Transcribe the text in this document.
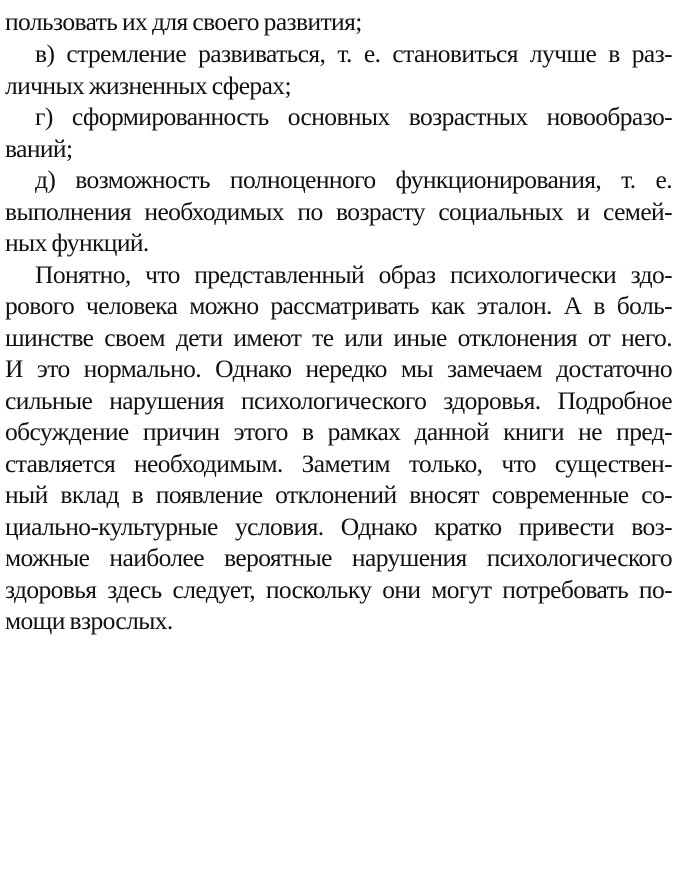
пользовать их для своего развития;
в) стремление развиваться, т. е. становиться лучше в раз-
личных жизненных сферах;
г) сформированность основных возрастных новообразо-
ваний;
д) возможность полноценного функционирования, т. е.
выполнения необходимых по возрасту социальных и семей-
ных функций.
Понятно, что представленный образ психологически здо-
рового человека можно рассматривать как эталон. А в боль-
шинстве своем дети имеют те или иные отклонения от него.
И это нормально. Однако нередко мы замечаем достаточно
сильные нарушения психологического здоровья. Подробное
обсуждение причин этого в рамках данной книги не пред-
ставляется необходимым. Заметим только, что существен-
ный вклад в появление отклонений вносят современные со-
циально-культурные условия. Однако кратко привести воз-
можные наиболее вероятные нарушения психологического
здоровья здесь следует, поскольку они могут потребовать по-
мощи взрослых.
